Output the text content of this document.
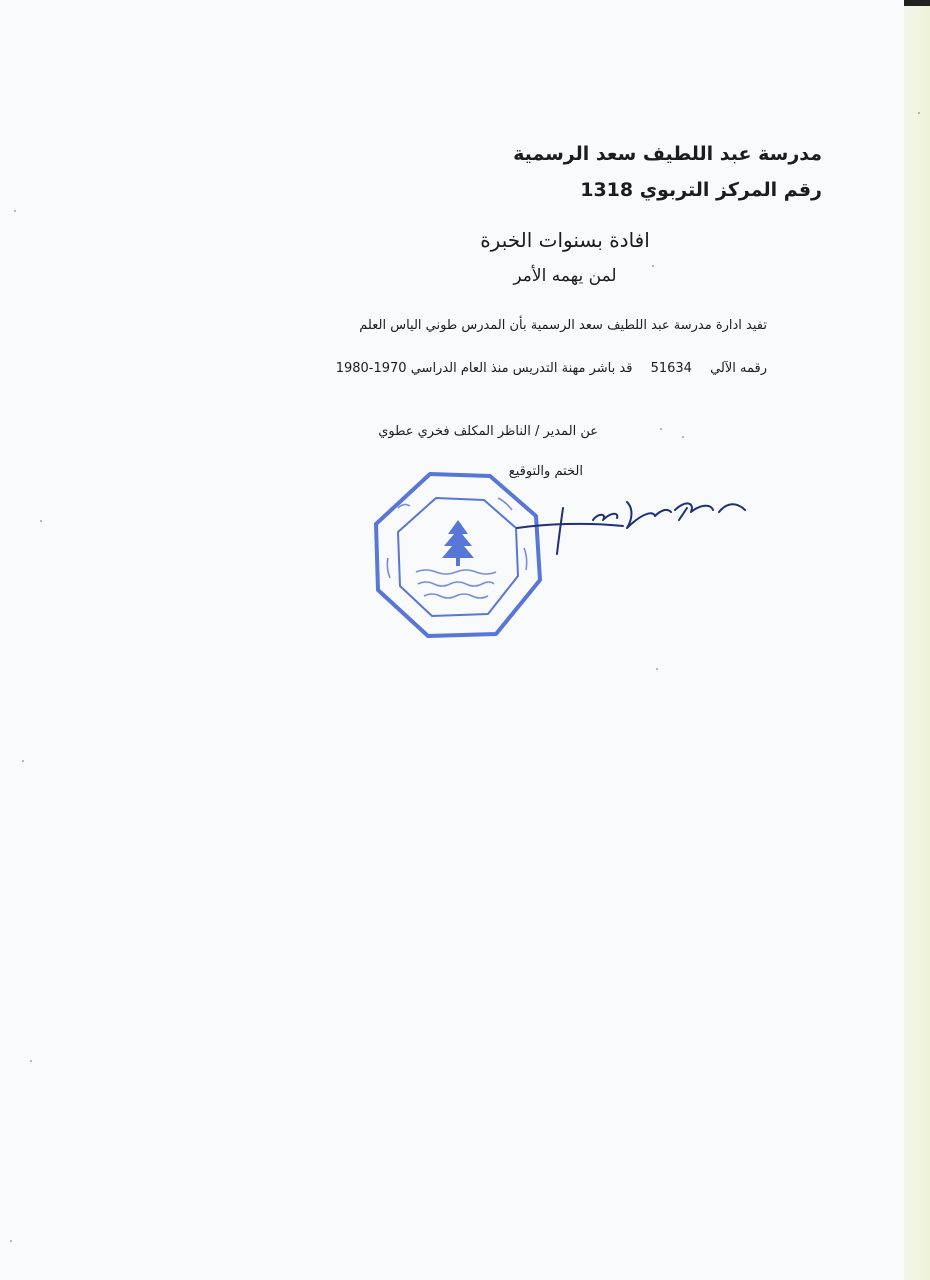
مدرسة عبد اللطيف سعد الرسمية
رقم المركز التربوي 1318
افادة بسنوات الخبرة
لمن يهمه الأمر
تفيد ادارة مدرسة عبد اللطيف سعد الرسمية بأن المدرس طوني الياس العلم
رقمه الآلي 51634 قد باشر مهنة التدريس منذ العام الدراسي 1980-1970
عن المدير / الناظر المكلف فخري عطوي
الختم والتوقيع
